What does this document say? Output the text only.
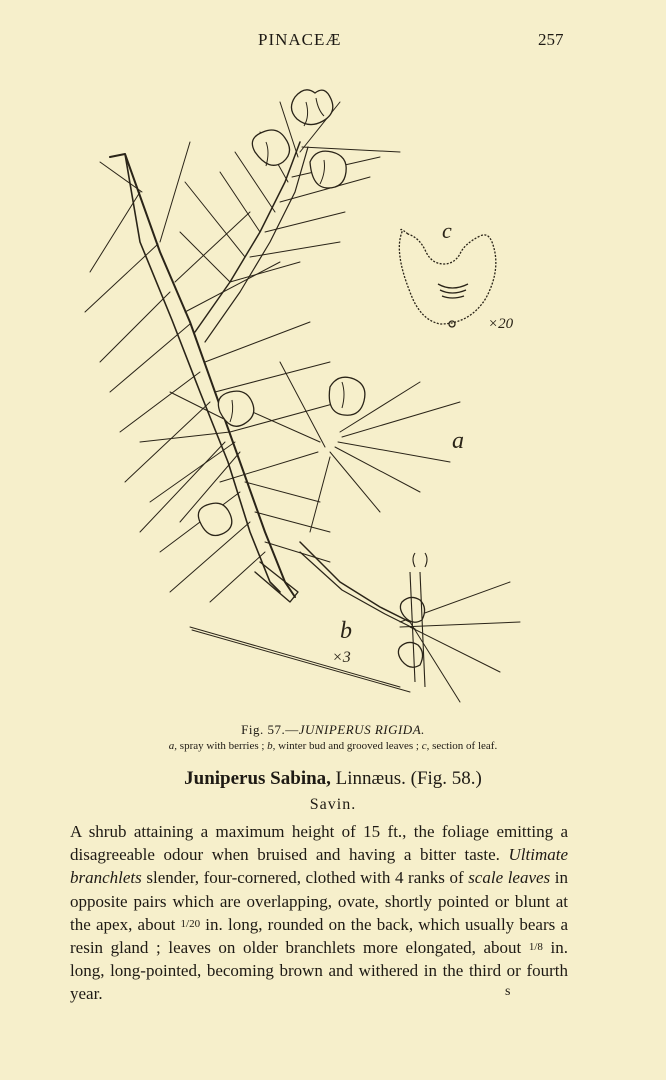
PINACEÆ	257
c
×20
a
b
×3
Fig. 57.—JUNIPERUS RIGIDA.
a, spray with berries ; b, winter bud and grooved leaves ; c, section of leaf.
Juniperus Sabina, Linnæus. (Fig. 58.)
Savin.

A shrub attaining a maximum height of 15 ft., the foliage emitting a disagreeable odour when bruised and having a bitter taste. Ultimate branchlets slender, four-cornered, clothed with 4 ranks of scale leaves in opposite pairs which are overlapping, ovate, shortly pointed or blunt at the apex, about 1/20 in. long, rounded on the back, which usually bears a resin gland ; leaves on older branchlets more elongated, about 1/8 in. long, long-pointed, becoming brown and withered in the third or fourth year.	s
